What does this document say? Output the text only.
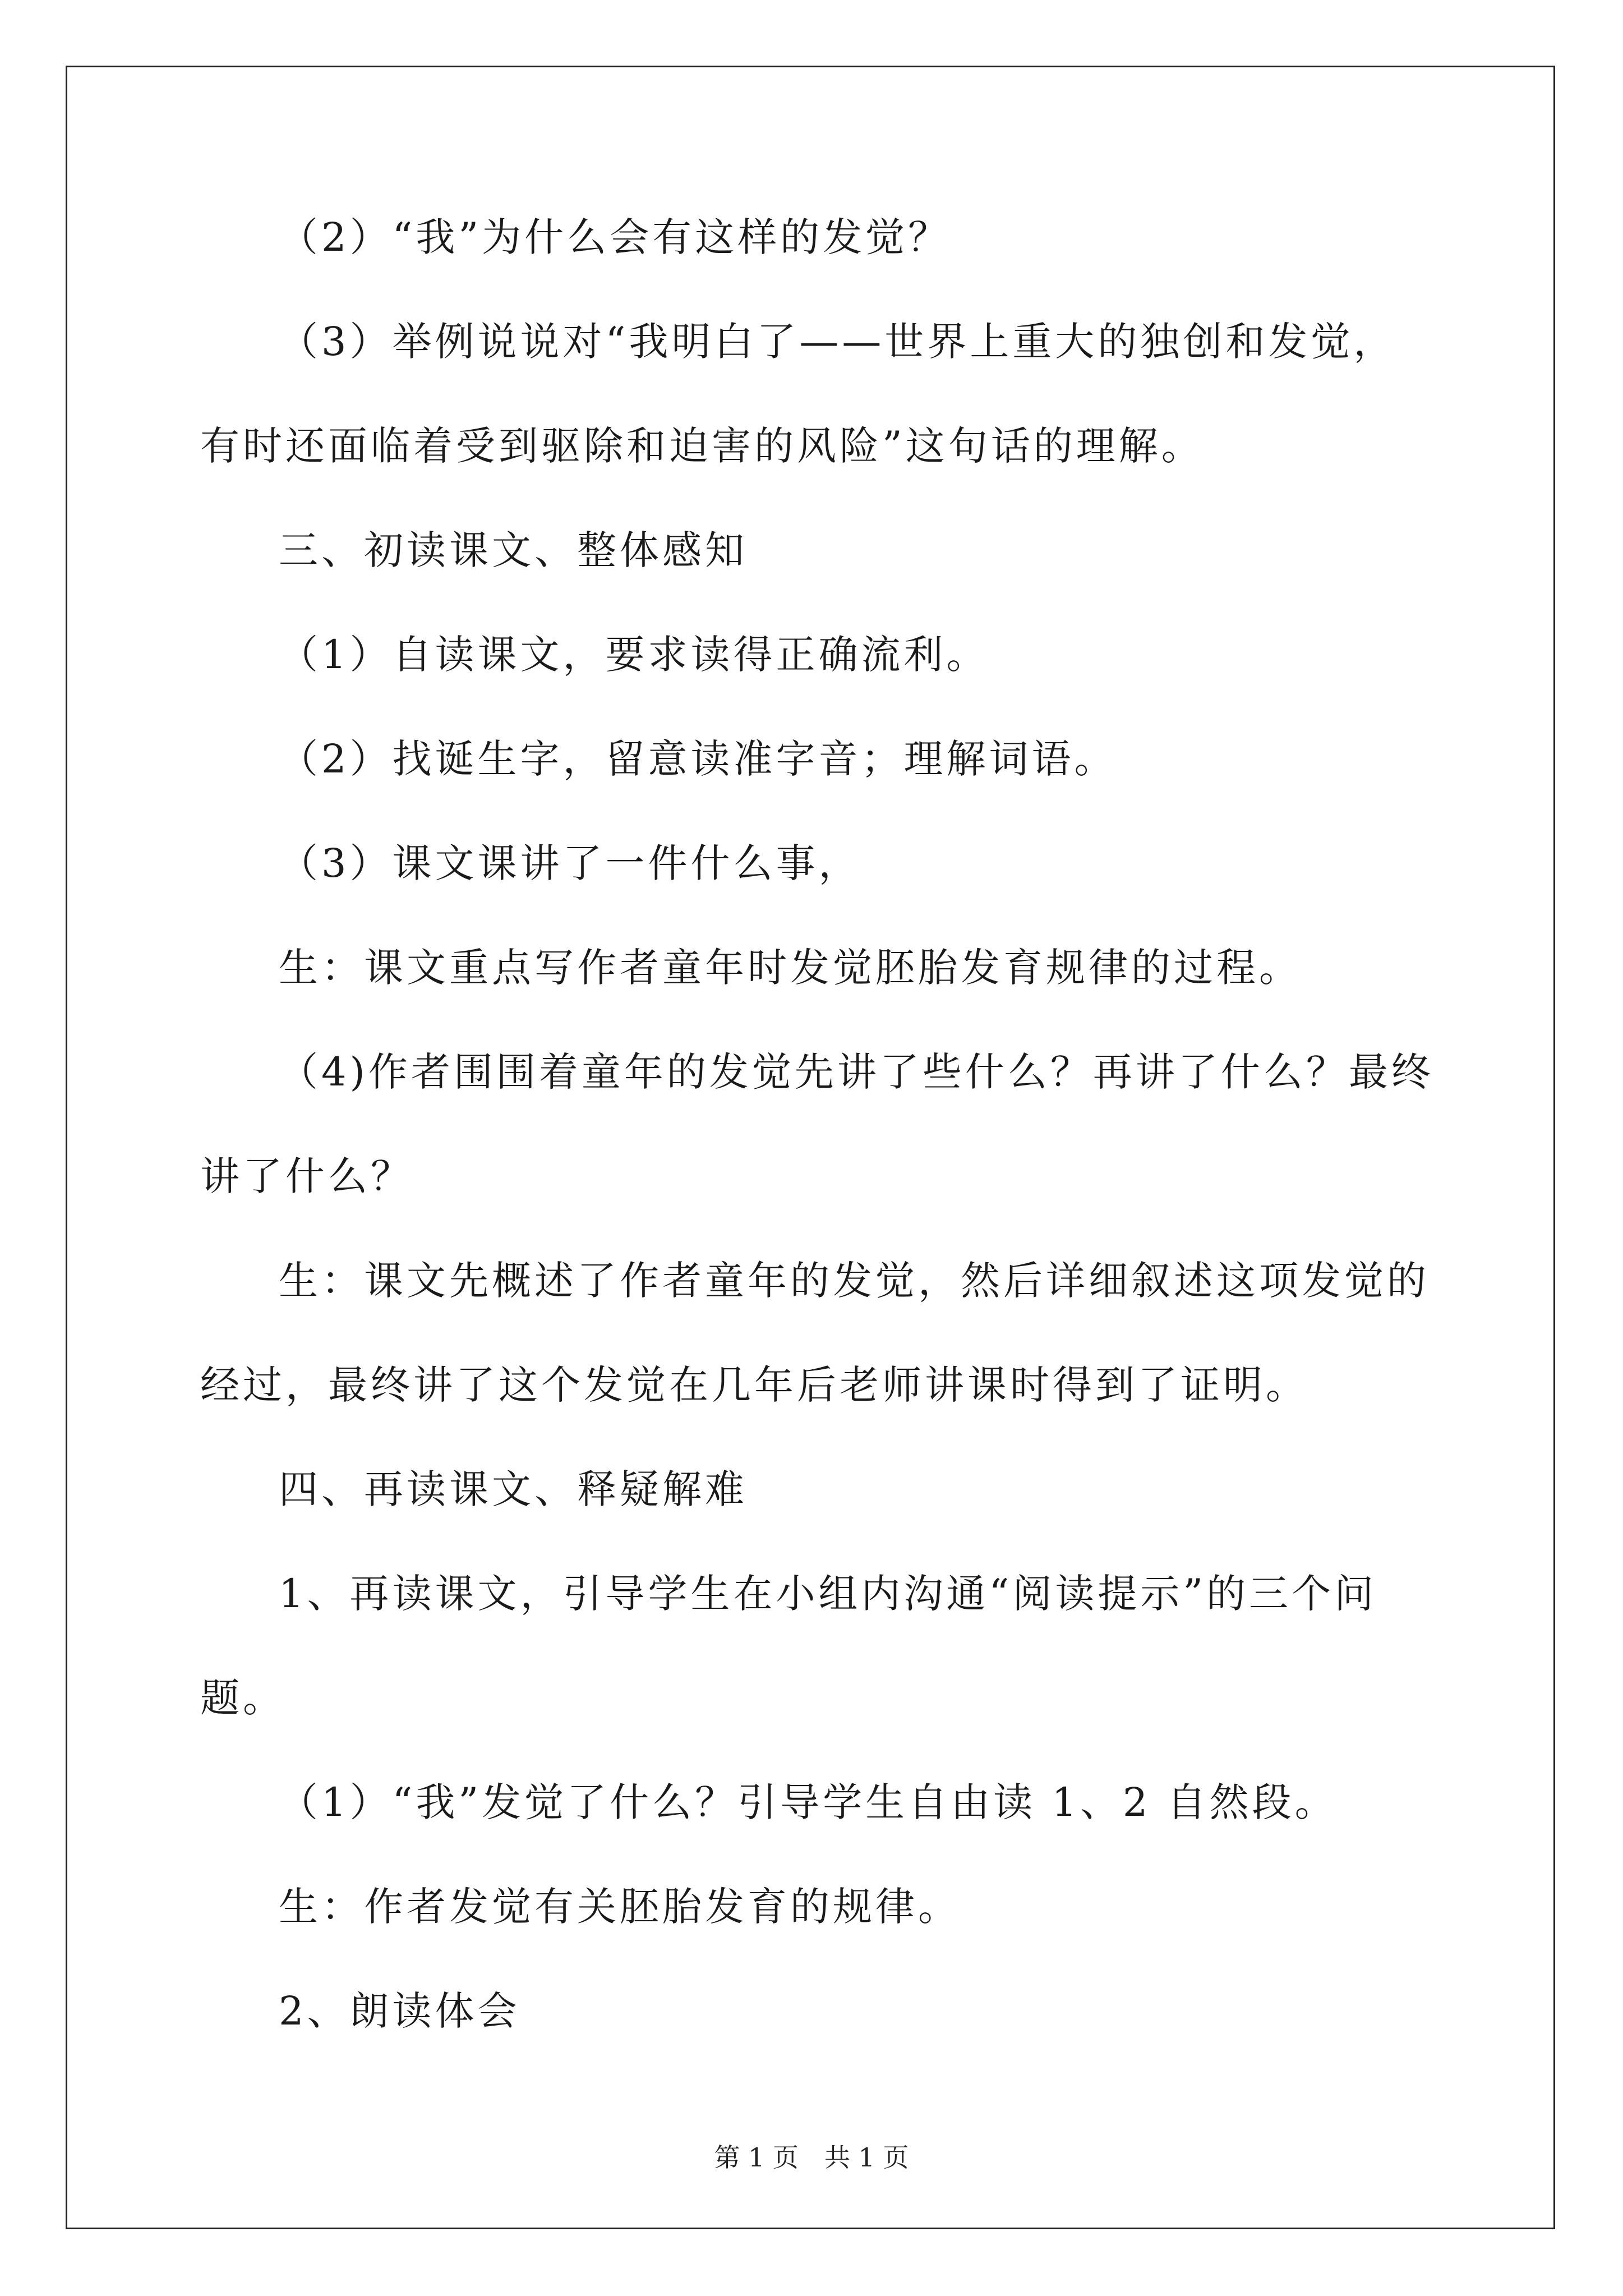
（2）“我”为什么会有这样的发觉？

（3）举例说说对“我明白了——世界上重大的独创和发觉，有时还面临着受到驱除和迫害的风险”这句话的理解。

三、初读课文、整体感知

（1）自读课文，要求读得正确流利。

（2）找诞生字，留意读准字音；理解词语。

（3）课文课讲了一件什么事，

生：课文重点写作者童年时发觉胚胎发育规律的过程。

（4)作者围围着童年的发觉先讲了些什么？再讲了什么？最终讲了什么？

生：课文先概述了作者童年的发觉，然后详细叙述这项发觉的经过，最终讲了这个发觉在几年后老师讲课时得到了证明。

四、再读课文、释疑解难

1、再读课文，引导学生在小组内沟通“阅读提示”的三个问题。

（1）“我”发觉了什么？引导学生自由读 1、2 自然段。

生：作者发觉有关胚胎发育的规律。

2、朗读体会

第 1 页　共 1 页
